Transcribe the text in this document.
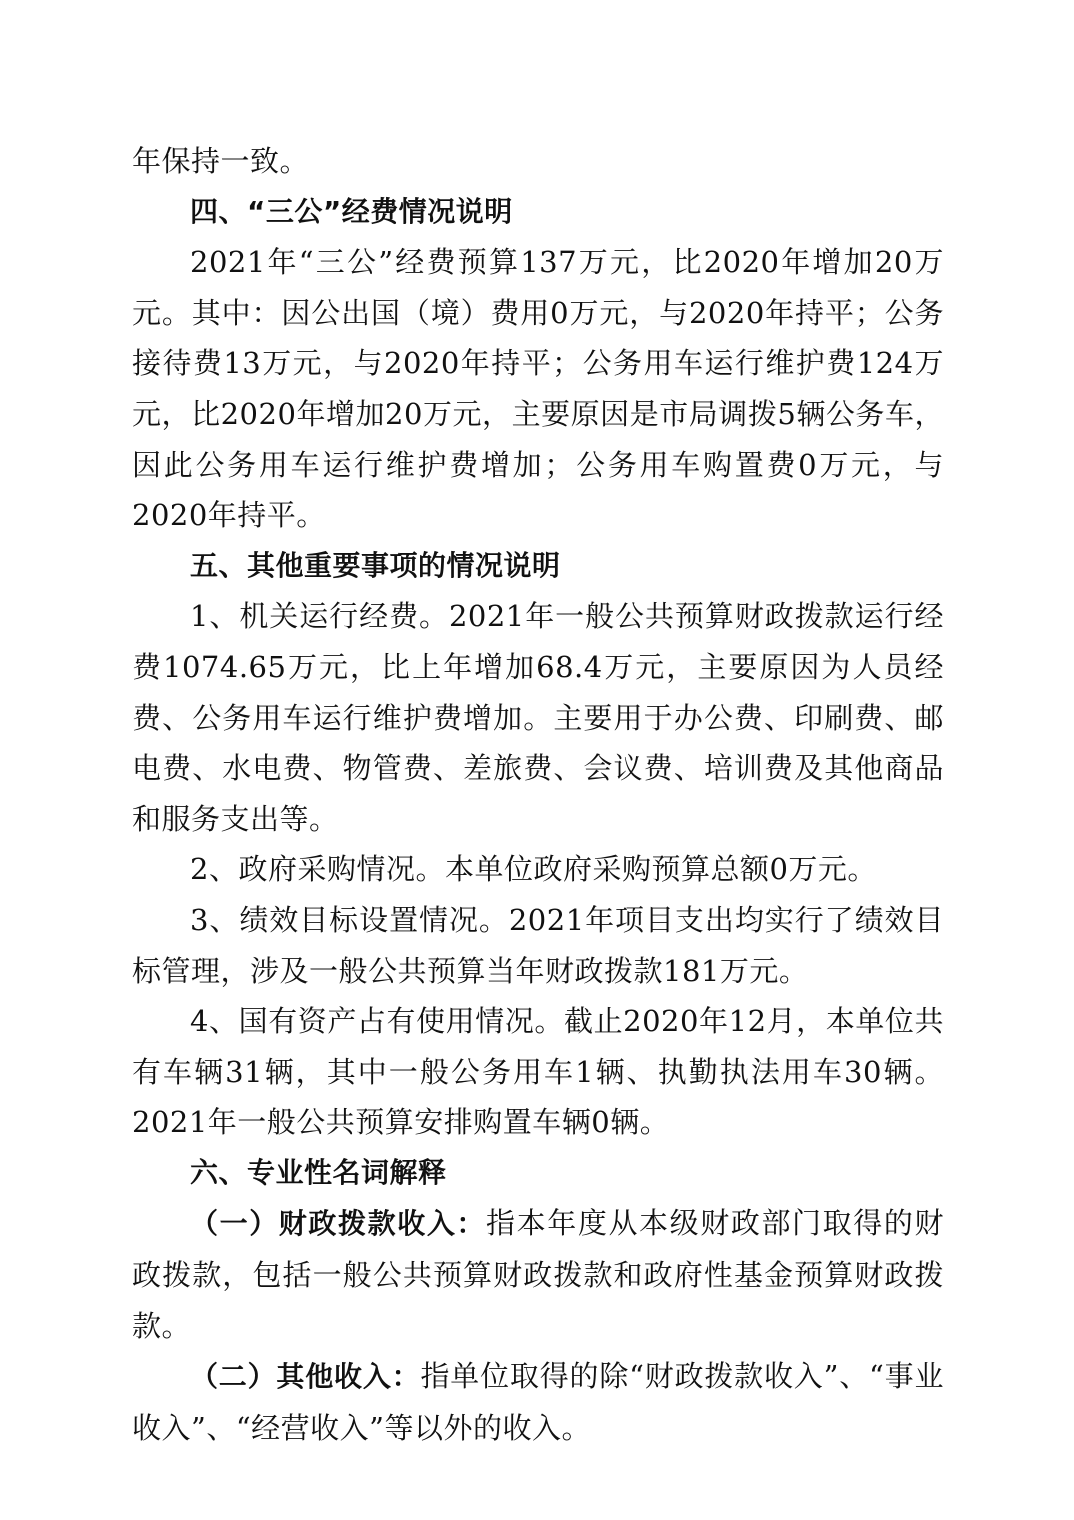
年保持一致。

四、“三公”经费情况说明

2021年“三公”经费预算137万元，比2020年增加20万元。其中：因公出国（境）费用0万元，与2020年持平；公务接待费13万元，与2020年持平；公务用车运行维护费124万元，比2020年增加20万元，主要原因是市局调拨5辆公务车，因此公务用车运行维护费增加；公务用车购置费0万元，与2020年持平。

五、其他重要事项的情况说明

1、机关运行经费。2021年一般公共预算财政拨款运行经费1074.65万元，比上年增加68.4万元，主要原因为人员经费、公务用车运行维护费增加。主要用于办公费、印刷费、邮电费、水电费、物管费、差旅费、会议费、培训费及其他商品和服务支出等。

2、政府采购情况。本单位政府采购预算总额0万元。

3、绩效目标设置情况。2021年项目支出均实行了绩效目标管理，涉及一般公共预算当年财政拨款181万元。

4、国有资产占有使用情况。截止2020年12月，本单位共有车辆31辆，其中一般公务用车1辆、执勤执法用车30辆。2021年一般公共预算安排购置车辆0辆。

六、专业性名词解释

（一）财政拨款收入：指本年度从本级财政部门取得的财政拨款，包括一般公共预算财政拨款和政府性基金预算财政拨款。

（二）其他收入：指单位取得的除“财政拨款收入”、“事业收入”、“经营收入”等以外的收入。
